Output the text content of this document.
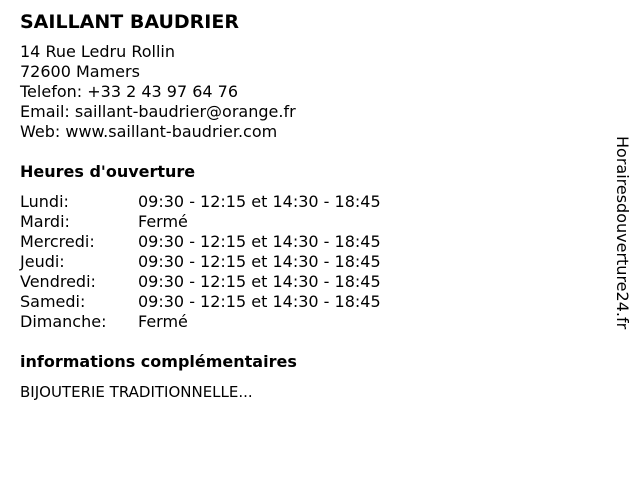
SAILLANT BAUDRIER
14 Rue Ledru Rollin
72600 Mamers
Telefon: +33 2 43 97 64 76
Email: saillant-baudrier@orange.fr
Web: www.saillant-baudrier.com
Heures d'ouverture
Lundi:	09:30 - 12:15 et 14:30 - 18:45
Mardi:	Fermé
Mercredi:	09:30 - 12:15 et 14:30 - 18:45
Jeudi:	09:30 - 12:15 et 14:30 - 18:45
Vendredi:	09:30 - 12:15 et 14:30 - 18:45
Samedi:	09:30 - 12:15 et 14:30 - 18:45
Dimanche:	Fermé
informations complémentaires
BIJOUTERIE TRADITIONNELLE...
Horairesdouverture24.fr
